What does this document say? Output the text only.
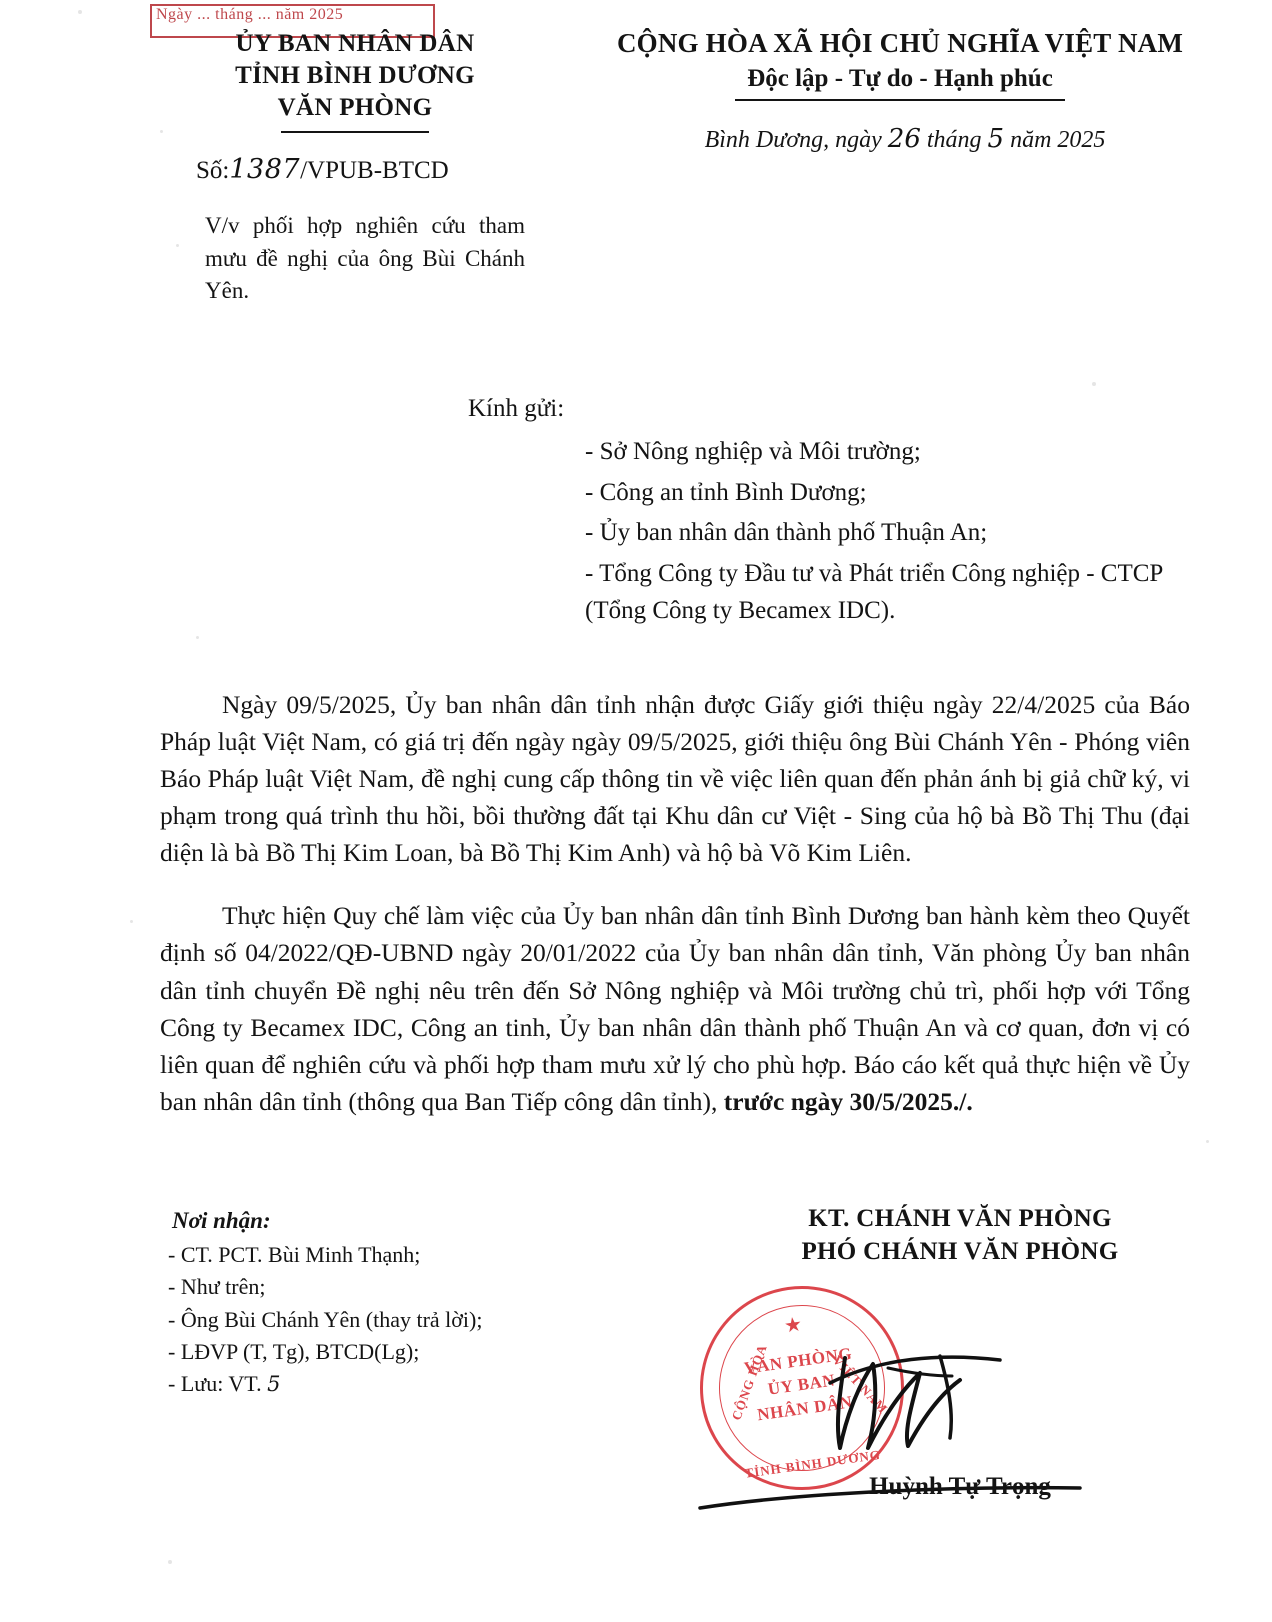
Ngày ... tháng ... năm 2025
ỦY BAN NHÂN DÂN
TỈNH BÌNH DƯƠNG
VĂN PHÒNG
Số:1387/VPUB-BTCD
V/v phối hợp nghiên cứu tham mưu đề nghị của ông Bùi Chánh Yên.
CỘNG HÒA XÃ HỘI CHỦ NGHĨA VIỆT NAM
Độc lập - Tự do - Hạnh phúc
Bình Dương, ngày 26 tháng 5 năm 2025
Kính gửi:
- Sở Nông nghiệp và Môi trường;
- Công an tỉnh Bình Dương;
- Ủy ban nhân dân thành phố Thuận An;
- Tổng Công ty Đầu tư và Phát triển Công nghiệp - CTCP (Tổng Công ty Becamex IDC).

Ngày 09/5/2025, Ủy ban nhân dân tỉnh nhận được Giấy giới thiệu ngày 22/4/2025 của Báo Pháp luật Việt Nam, có giá trị đến ngày ngày 09/5/2025, giới thiệu ông Bùi Chánh Yên - Phóng viên Báo Pháp luật Việt Nam, đề nghị cung cấp thông tin về việc liên quan đến phản ánh bị giả chữ ký, vi phạm trong quá trình thu hồi, bồi thường đất tại Khu dân cư Việt - Sing của hộ bà Bồ Thị Thu (đại diện là bà Bồ Thị Kim Loan, bà Bồ Thị Kim Anh) và hộ bà Võ Kim Liên.

Thực hiện Quy chế làm việc của Ủy ban nhân dân tỉnh Bình Dương ban hành kèm theo Quyết định số 04/2022/QĐ-UBND ngày 20/01/2022 của Ủy ban nhân dân tỉnh, Văn phòng Ủy ban nhân dân tỉnh chuyển Đề nghị nêu trên đến Sở Nông nghiệp và Môi trường chủ trì, phối hợp với Tổng Công ty Becamex IDC, Công an tinh, Ủy ban nhân dân thành phố Thuận An và cơ quan, đơn vị có liên quan để nghiên cứu và phối hợp tham mưu xử lý cho phù hợp. Báo cáo kết quả thực hiện về Ủy ban nhân dân tỉnh (thông qua Ban Tiếp công dân tỉnh), trước ngày 30/5/2025./.

Nơi nhận:
- CT. PCT. Bùi Minh Thạnh;
- Như trên;
- Ông Bùi Chánh Yên (thay trả lời);
- LĐVP (T, Tg), BTCD(Lg);
- Lưu: VT. 5
KT. CHÁNH VĂN PHÒNG
PHÓ CHÁNH VĂN PHÒNG
★
VĂN PHÒNG
ỦY BAN
NHÂN DÂN
CỘNG HÒA	VIỆT NAM
TỈNH BÌNH DƯƠNG
Huỳnh Tự Trọng
